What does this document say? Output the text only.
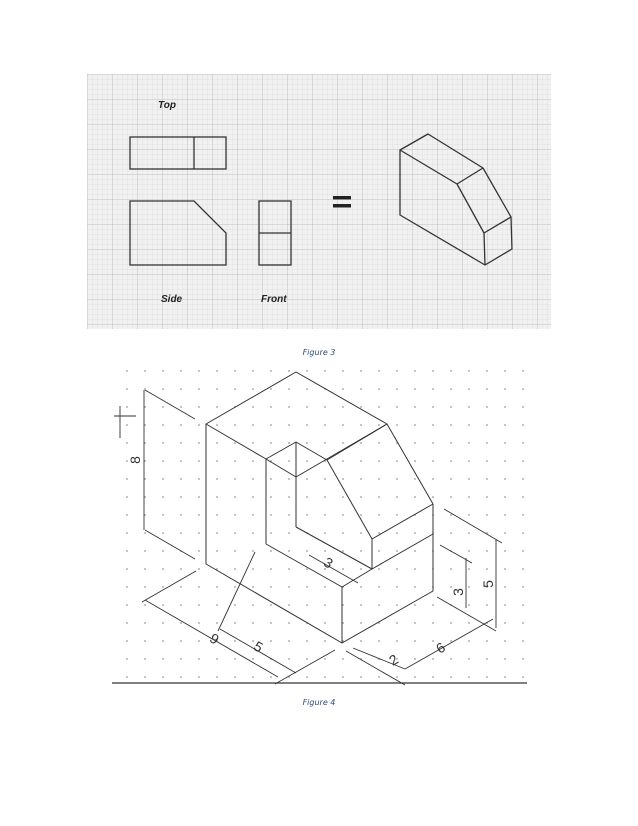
Top
Side	Front
Figure 3
8
9 5
3
6
2
5
3
Figure 4
